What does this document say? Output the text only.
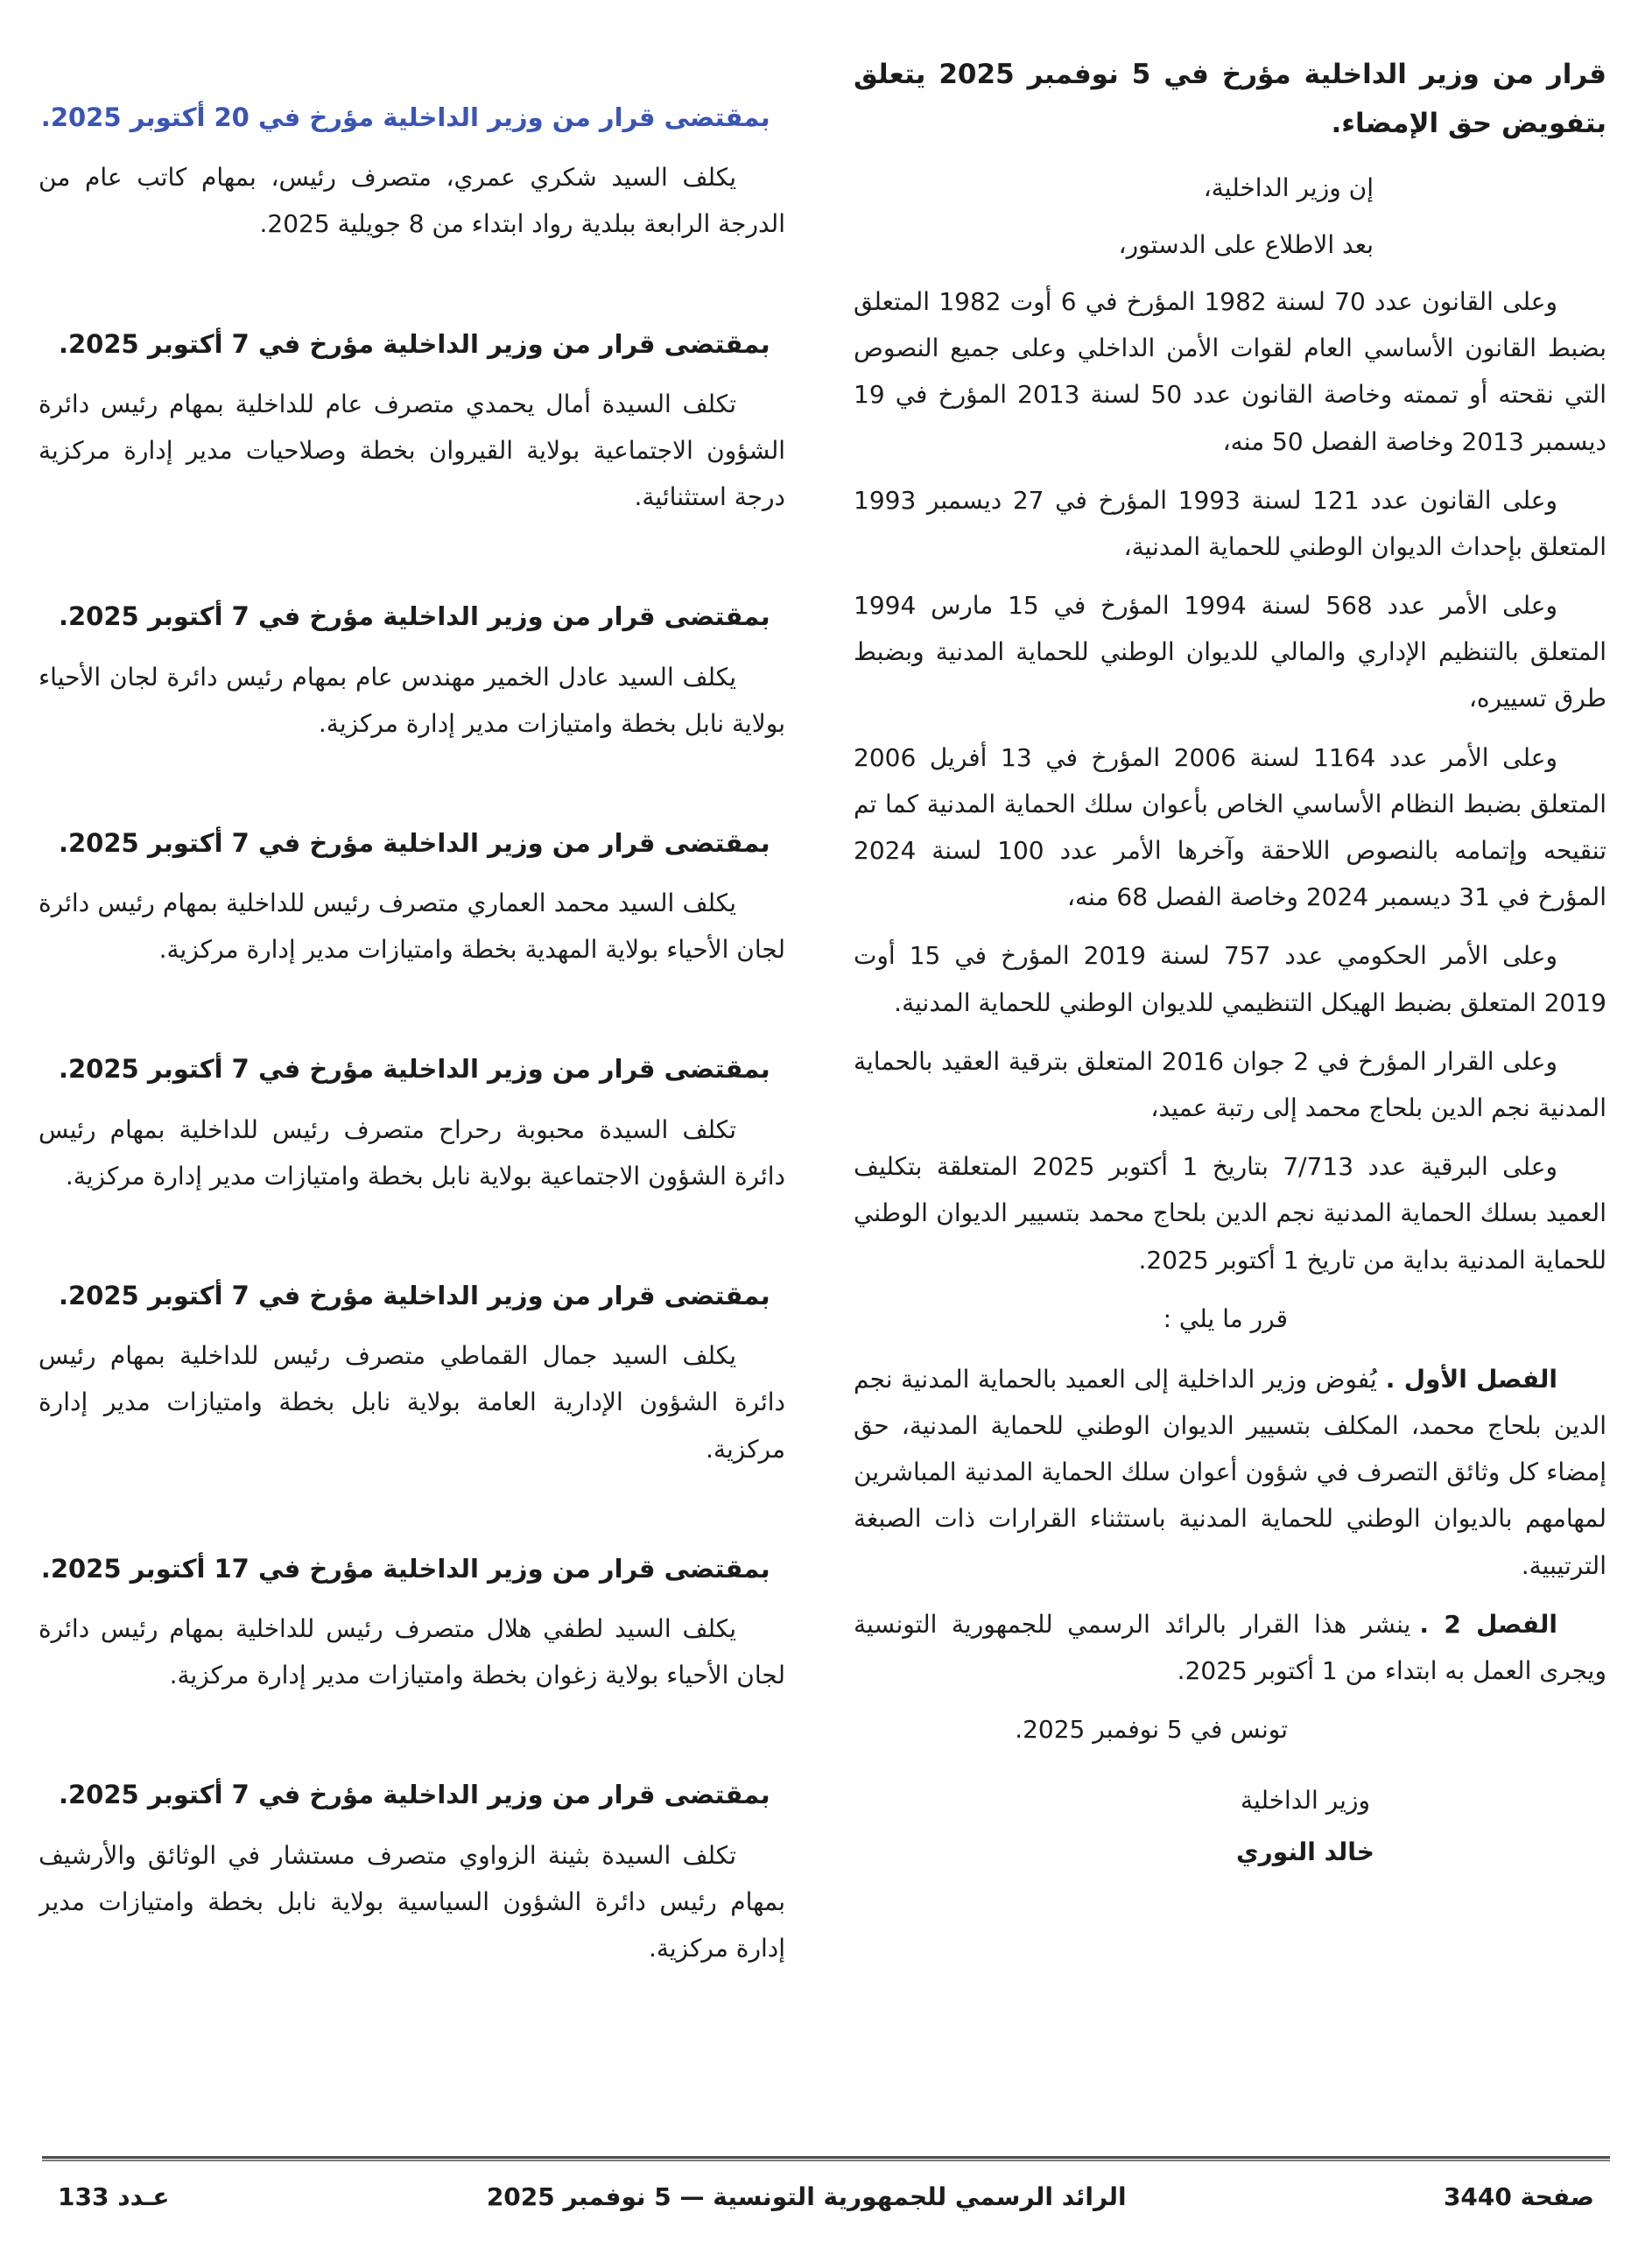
قرار من وزير الداخلية مؤرخ في 5 نوفمبر 2025 يتعلق بتفويض حق الإمضاء.

إن وزير الداخلية،

بعد الاطلاع على الدستور،

وعلى القانون عدد 70 لسنة 1982 المؤرخ في 6 أوت 1982 المتعلق بضبط القانون الأساسي العام لقوات الأمن الداخلي وعلى جميع النصوص التي نقحته أو تممته وخاصة القانون عدد 50 لسنة 2013 المؤرخ في 19 ديسمبر 2013 وخاصة الفصل 50 منه،

وعلى القانون عدد 121 لسنة 1993 المؤرخ في 27 ديسمبر 1993 المتعلق بإحداث الديوان الوطني للحماية المدنية،

وعلى الأمر عدد 568 لسنة 1994 المؤرخ في 15 مارس 1994 المتعلق بالتنظيم الإداري والمالي للديوان الوطني للحماية المدنية وبضبط طرق تسييره،

وعلى الأمر عدد 1164 لسنة 2006 المؤرخ في 13 أفريل 2006 المتعلق بضبط النظام الأساسي الخاص بأعوان سلك الحماية المدنية كما تم تنقيحه وإتمامه بالنصوص اللاحقة وآخرها الأمر عدد 100 لسنة 2024 المؤرخ في 31 ديسمبر 2024 وخاصة الفصل 68 منه،

وعلى الأمر الحكومي عدد 757 لسنة 2019 المؤرخ في 15 أوت 2019 المتعلق بضبط الهيكل التنظيمي للديوان الوطني للحماية المدنية.

وعلى القرار المؤرخ في 2 جوان 2016 المتعلق بترقية العقيد بالحماية المدنية نجم الدين بلحاج محمد إلى رتبة عميد،

وعلى البرقية عدد 7/713 بتاريخ 1 أكتوبر 2025 المتعلقة بتكليف العميد بسلك الحماية المدنية نجم الدين بلحاج محمد بتسيير الديوان الوطني للحماية المدنية بداية من تاريخ 1 أكتوبر 2025.

قرر ما يلي :

الفصل الأول .يُفوض وزير الداخلية إلى العميد بالحماية المدنية نجم الدين بلحاج محمد، المكلف بتسيير الديوان الوطني للحماية المدنية، حق إمضاء كل وثائق التصرف في شؤون أعوان سلك الحماية المدنية المباشرين لمهامهم بالديوان الوطني للحماية المدنية باستثناء القرارات ذات الصبغة الترتيبية.

الفصل 2 .ينشر هذا القرار بالرائد الرسمي للجمهورية التونسية ويجرى العمل به ابتداء من 1 أكتوبر 2025.

تونس في 5 نوفمبر 2025.

وزير الداخلية
خالد النوري
بمقتضى قرار من وزير الداخلية مؤرخ في 20 أكتوبر 2025.

يكلف السيد شكري عمري، متصرف رئيس، بمهام كاتب عام من الدرجة الرابعة ببلدية رواد ابتداء من 8 جويلية 2025.

بمقتضى قرار من وزير الداخلية مؤرخ في 7 أكتوبر 2025.

تكلف السيدة أمال يحمدي متصرف عام للداخلية بمهام رئيس دائرة الشؤون الاجتماعية بولاية القيروان بخطة وصلاحيات مدير إدارة مركزية درجة استثنائية.

بمقتضى قرار من وزير الداخلية مؤرخ في 7 أكتوبر 2025.

يكلف السيد عادل الخمير مهندس عام بمهام رئيس دائرة لجان الأحياء بولاية نابل بخطة وامتيازات مدير إدارة مركزية.

بمقتضى قرار من وزير الداخلية مؤرخ في 7 أكتوبر 2025.

يكلف السيد محمد العماري متصرف رئيس للداخلية بمهام رئيس دائرة لجان الأحياء بولاية المهدية بخطة وامتيازات مدير إدارة مركزية.

بمقتضى قرار من وزير الداخلية مؤرخ في 7 أكتوبر 2025.

تكلف السيدة محبوبة رحراح متصرف رئيس للداخلية بمهام رئيس دائرة الشؤون الاجتماعية بولاية نابل بخطة وامتيازات مدير إدارة مركزية.

بمقتضى قرار من وزير الداخلية مؤرخ في 7 أكتوبر 2025.

يكلف السيد جمال القماطي متصرف رئيس للداخلية بمهام رئيس دائرة الشؤون الإدارية العامة بولاية نابل بخطة وامتيازات مدير إدارة مركزية.

بمقتضى قرار من وزير الداخلية مؤرخ في 17 أكتوبر 2025.

يكلف السيد لطفي هلال متصرف رئيس للداخلية بمهام رئيس دائرة لجان الأحياء بولاية زغوان بخطة وامتيازات مدير إدارة مركزية.

بمقتضى قرار من وزير الداخلية مؤرخ في 7 أكتوبر 2025.

تكلف السيدة بثينة الزواوي متصرف مستشار في الوثائق والأرشيف بمهام رئيس دائرة الشؤون السياسية بولاية نابل بخطة وامتيازات مدير إدارة مركزية.

صفحة 3440
الرائد الرسمي للجمهورية التونسية — 5 نوفمبر 2025
عـدد 133
